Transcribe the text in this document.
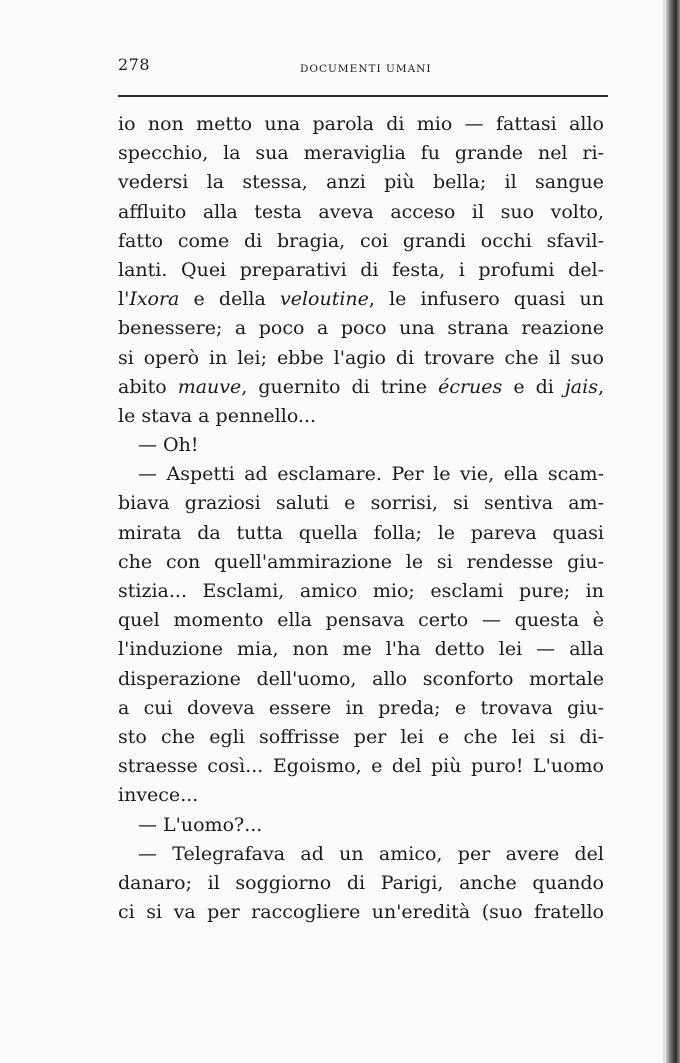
278	DOCUMENTI UMANI
io non metto una parola di mio — fattasi allo
specchio, la sua meraviglia fu grande nel ri-
vedersi la stessa, anzi più bella; il sangue
affluito alla testa aveva acceso il suo volto,
fatto come di bragia, coi grandi occhi sfavil-
lanti. Quei preparativi di festa, i profumi del-
l'Ixora e della veloutine, le infusero quasi un
benessere; a poco a poco una strana reazione
si operò in lei; ebbe l'agio di trovare che il suo
abito mauve, guernito di trine écrues e di jais,
le stava a pennello...
— Oh!
— Aspetti ad esclamare. Per le vie, ella scam-
biava graziosi saluti e sorrisi, si sentiva am-
mirata da tutta quella folla; le pareva quasi
che con quell'ammirazione le si rendesse giu-
stizia... Esclami, amico mio; esclami pure; in
quel momento ella pensava certo — questa è
l'induzione mia, non me l'ha detto lei — alla
disperazione dell'uomo, allo sconforto mortale
a cui doveva essere in preda; e trovava giu-
sto che egli soffrisse per lei e che lei si di-
straesse così... Egoismo, e del più puro! L'uomo
invece...
— L'uomo?...
— Telegrafava ad un amico, per avere del
danaro; il soggiorno di Parigi, anche quando
ci si va per raccogliere un'eredità (suo fratello
